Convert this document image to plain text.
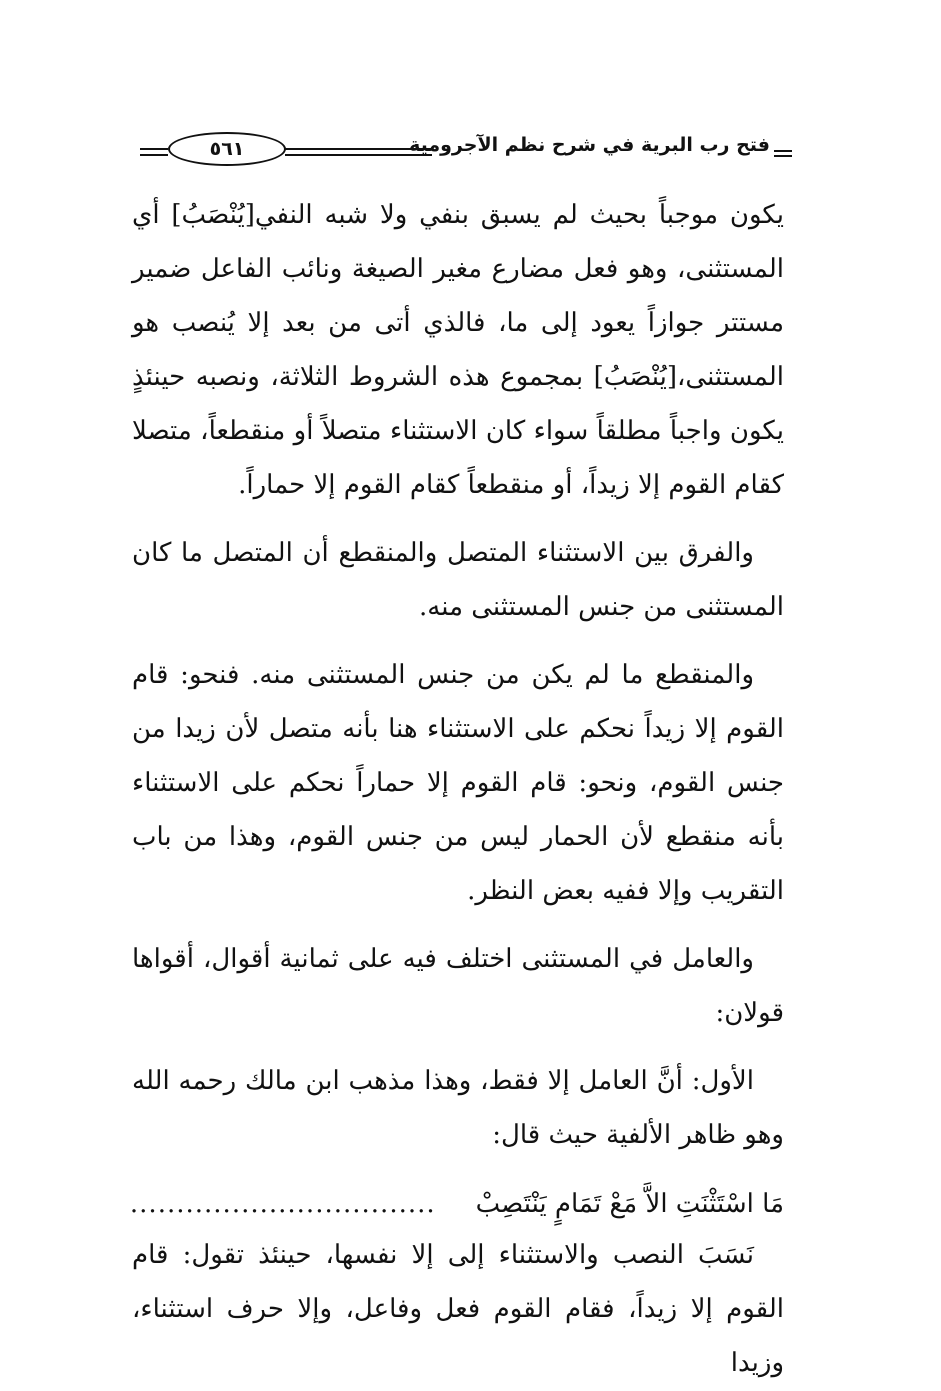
فتح رب البرية في شرح نظم الآجرومية
٥٦١

يكون موجباً بحيث لم يسبق بنفي ولا شبه النفي[يُنْصَبُ] أي المستثنى، وهو فعل مضارع مغير الصيغة ونائب الفاعل ضمير مستتر جوازاً يعود إلى ما، فالذي أتى من بعد إلا يُنصب هو المستثنى،[يُنْصَبُ] بمجموع هذه الشروط الثلاثة، ونصبه حينئذٍ يكون واجباً مطلقاً سواء كان الاستثناء متصلاً أو منقطعاً، متصلا كقام القوم إلا زيداً، أو منقطعاً كقام القوم إلا حماراً.

والفرق بين الاستثناء المتصل والمنقطع أن المتصل ما كان المستثنى من جنس المستثنى منه.

والمنقطع ما لم يكن من جنس المستثنى منه. فنحو: قام القوم إلا زيداً نحكم على الاستثناء هنا بأنه متصل لأن زيدا من جنس القوم، ونحو: قام القوم إلا حماراً نحكم على الاستثناء بأنه منقطع لأن الحمار ليس من جنس القوم، وهذا من باب التقريب وإلا ففيه بعض النظر.

والعامل في المستثنى اختلف فيه على ثمانية أقوال، أقواها قولان:

الأول: أنَّ العامل إلا فقط، وهذا مذهب ابن مالك رحمه الله وهو ظاهر الألفية حيث قال:

مَا اسْتَثْنَتِ الاَّ مَعْ تَمَامٍ يَنْتَصِبْ
.................................

نَسَبَ النصب والاستثناء إلى إلا نفسها، حينئذ تقول: قام القوم إلا زيداً، فقام القوم فعل وفاعل، وإلا حرف استثناء، وزيدا
